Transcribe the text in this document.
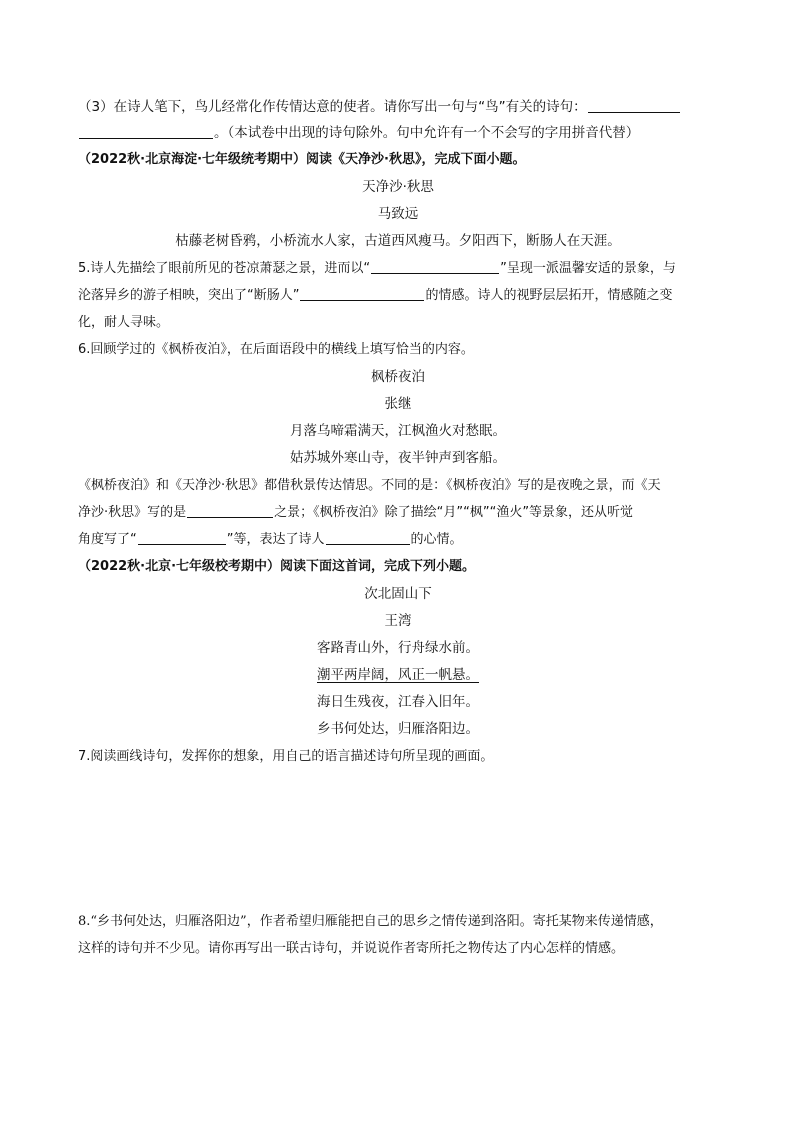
（3）在诗人笔下，鸟儿经常化作传情达意的使者。请你写出一句与“鸟”有关的诗句：
。（本试卷中出现的诗句除外。句中允许有一个不会写的字用拼音代替）
（2022秋·北京海淀·七年级统考期中）阅读《天净沙·秋思》，完成下面小题。
天净沙·秋思
马致远
枯藤老树昏鸦，小桥流水人家，古道西风瘦马。夕阳西下，断肠人在天涯。
5.诗人先描绘了眼前所见的苍凉萧瑟之景，进而以“	”呈现一派温馨安适的景象，与
沦落异乡的游子相映，突出了“断肠人”	的情感。诗人的视野层层拓开，情感随之变
化，耐人寻味。
6.回顾学过的《枫桥夜泊》，在后面语段中的横线上填写恰当的内容。
枫桥夜泊
张继
月落乌啼霜满天，江枫渔火对愁眠。
姑苏城外寒山寺，夜半钟声到客船。
《枫桥夜泊》和《天净沙·秋思》都借秋景传达情思。不同的是：《枫桥夜泊》写的是夜晚之景，而《天
净沙·秋思》写的是	之景；《枫桥夜泊》除了描绘“月”“枫”“渔火”等景象，还从听觉
角度写了“	”等，表达了诗人	的心情。
（2022秋·北京·七年级校考期中）阅读下面这首词，完成下列小题。
次北固山下
王湾
客路青山外，行舟绿水前。
潮平两岸阔，风正一帆悬。
海日生残夜，江春入旧年。
乡书何处达，归雁洛阳边。
7.阅读画线诗句，发挥你的想象，用自己的语言描述诗句所呈现的画面。
8.“乡书何处达，归雁洛阳边”，作者希望归雁能把自己的思乡之情传递到洛阳。寄托某物来传递情感，
这样的诗句并不少见。请你再写出一联古诗句，并说说作者寄所托之物传达了内心怎样的情感。
